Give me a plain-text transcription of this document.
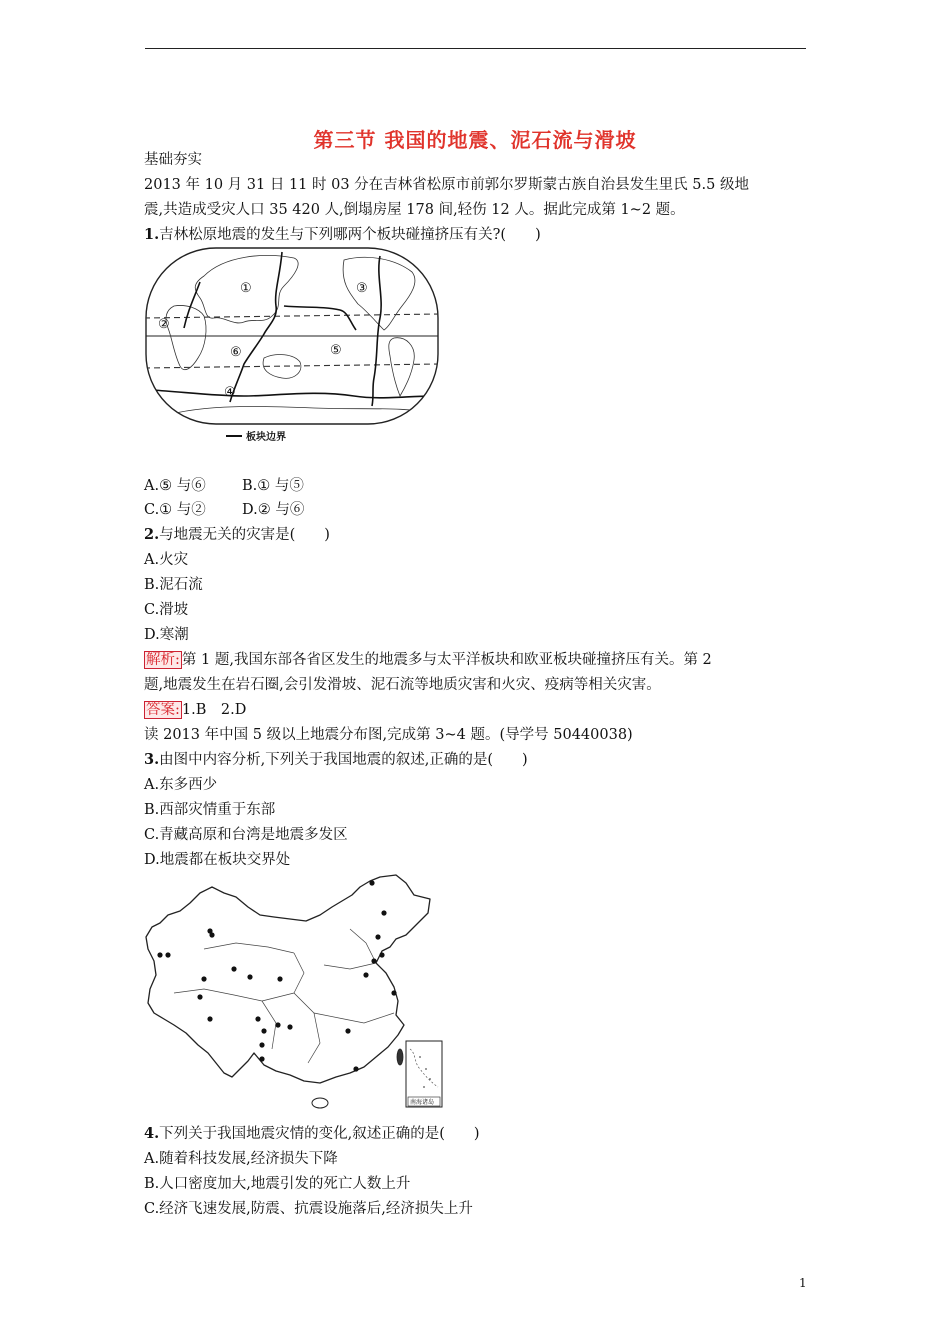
第三节 我国的地震、泥石流与滑坡
基础夯实
2013 年 10 月 31 日 11 时 03 分在吉林省松原市前郭尔罗斯蒙古族自治县发生里氏 5.5 级地
震,共造成受灾人口 35 420 人,倒塌房屋 178 间,轻伤 12 人。据此完成第 1~2 题。
1.吉林松原地震的发生与下列哪两个板块碰撞挤压有关?(　　)
①
②
③
④
⑤
⑥
板块边界
A.⑤ 与⑥	B.① 与⑤
C.① 与② D.② 与⑥
2.与地震无关的灾害是(　　)
A.火灾
B.泥石流
C.滑坡
D.寒潮
解析: 第 1 题,我国东部各省区发生的地震多与太平洋板块和欧亚板块碰撞挤压有关。第 2
题,地震发生在岩石圈,会引发滑坡、泥石流等地质灾害和火灾、疫病等相关灾害。
答案: 1.B　2.D
读 2013 年中国 5 级以上地震分布图,完成第 3~4 题。(导学号 50440038)
3.由图中内容分析,下列关于我国地震的叙述,正确的是(　　)
A.东多西少
B.西部灾情重于东部
C.青藏高原和台湾是地震多发区
D.地震都在板块交界处
南海诸岛
4.下列关于我国地震灾情的变化,叙述正确的是(　　)
A.随着科技发展,经济损失下降
B.人口密度加大,地震引发的死亡人数上升
C.经济飞速发展,防震、抗震设施落后,经济损失上升
1
